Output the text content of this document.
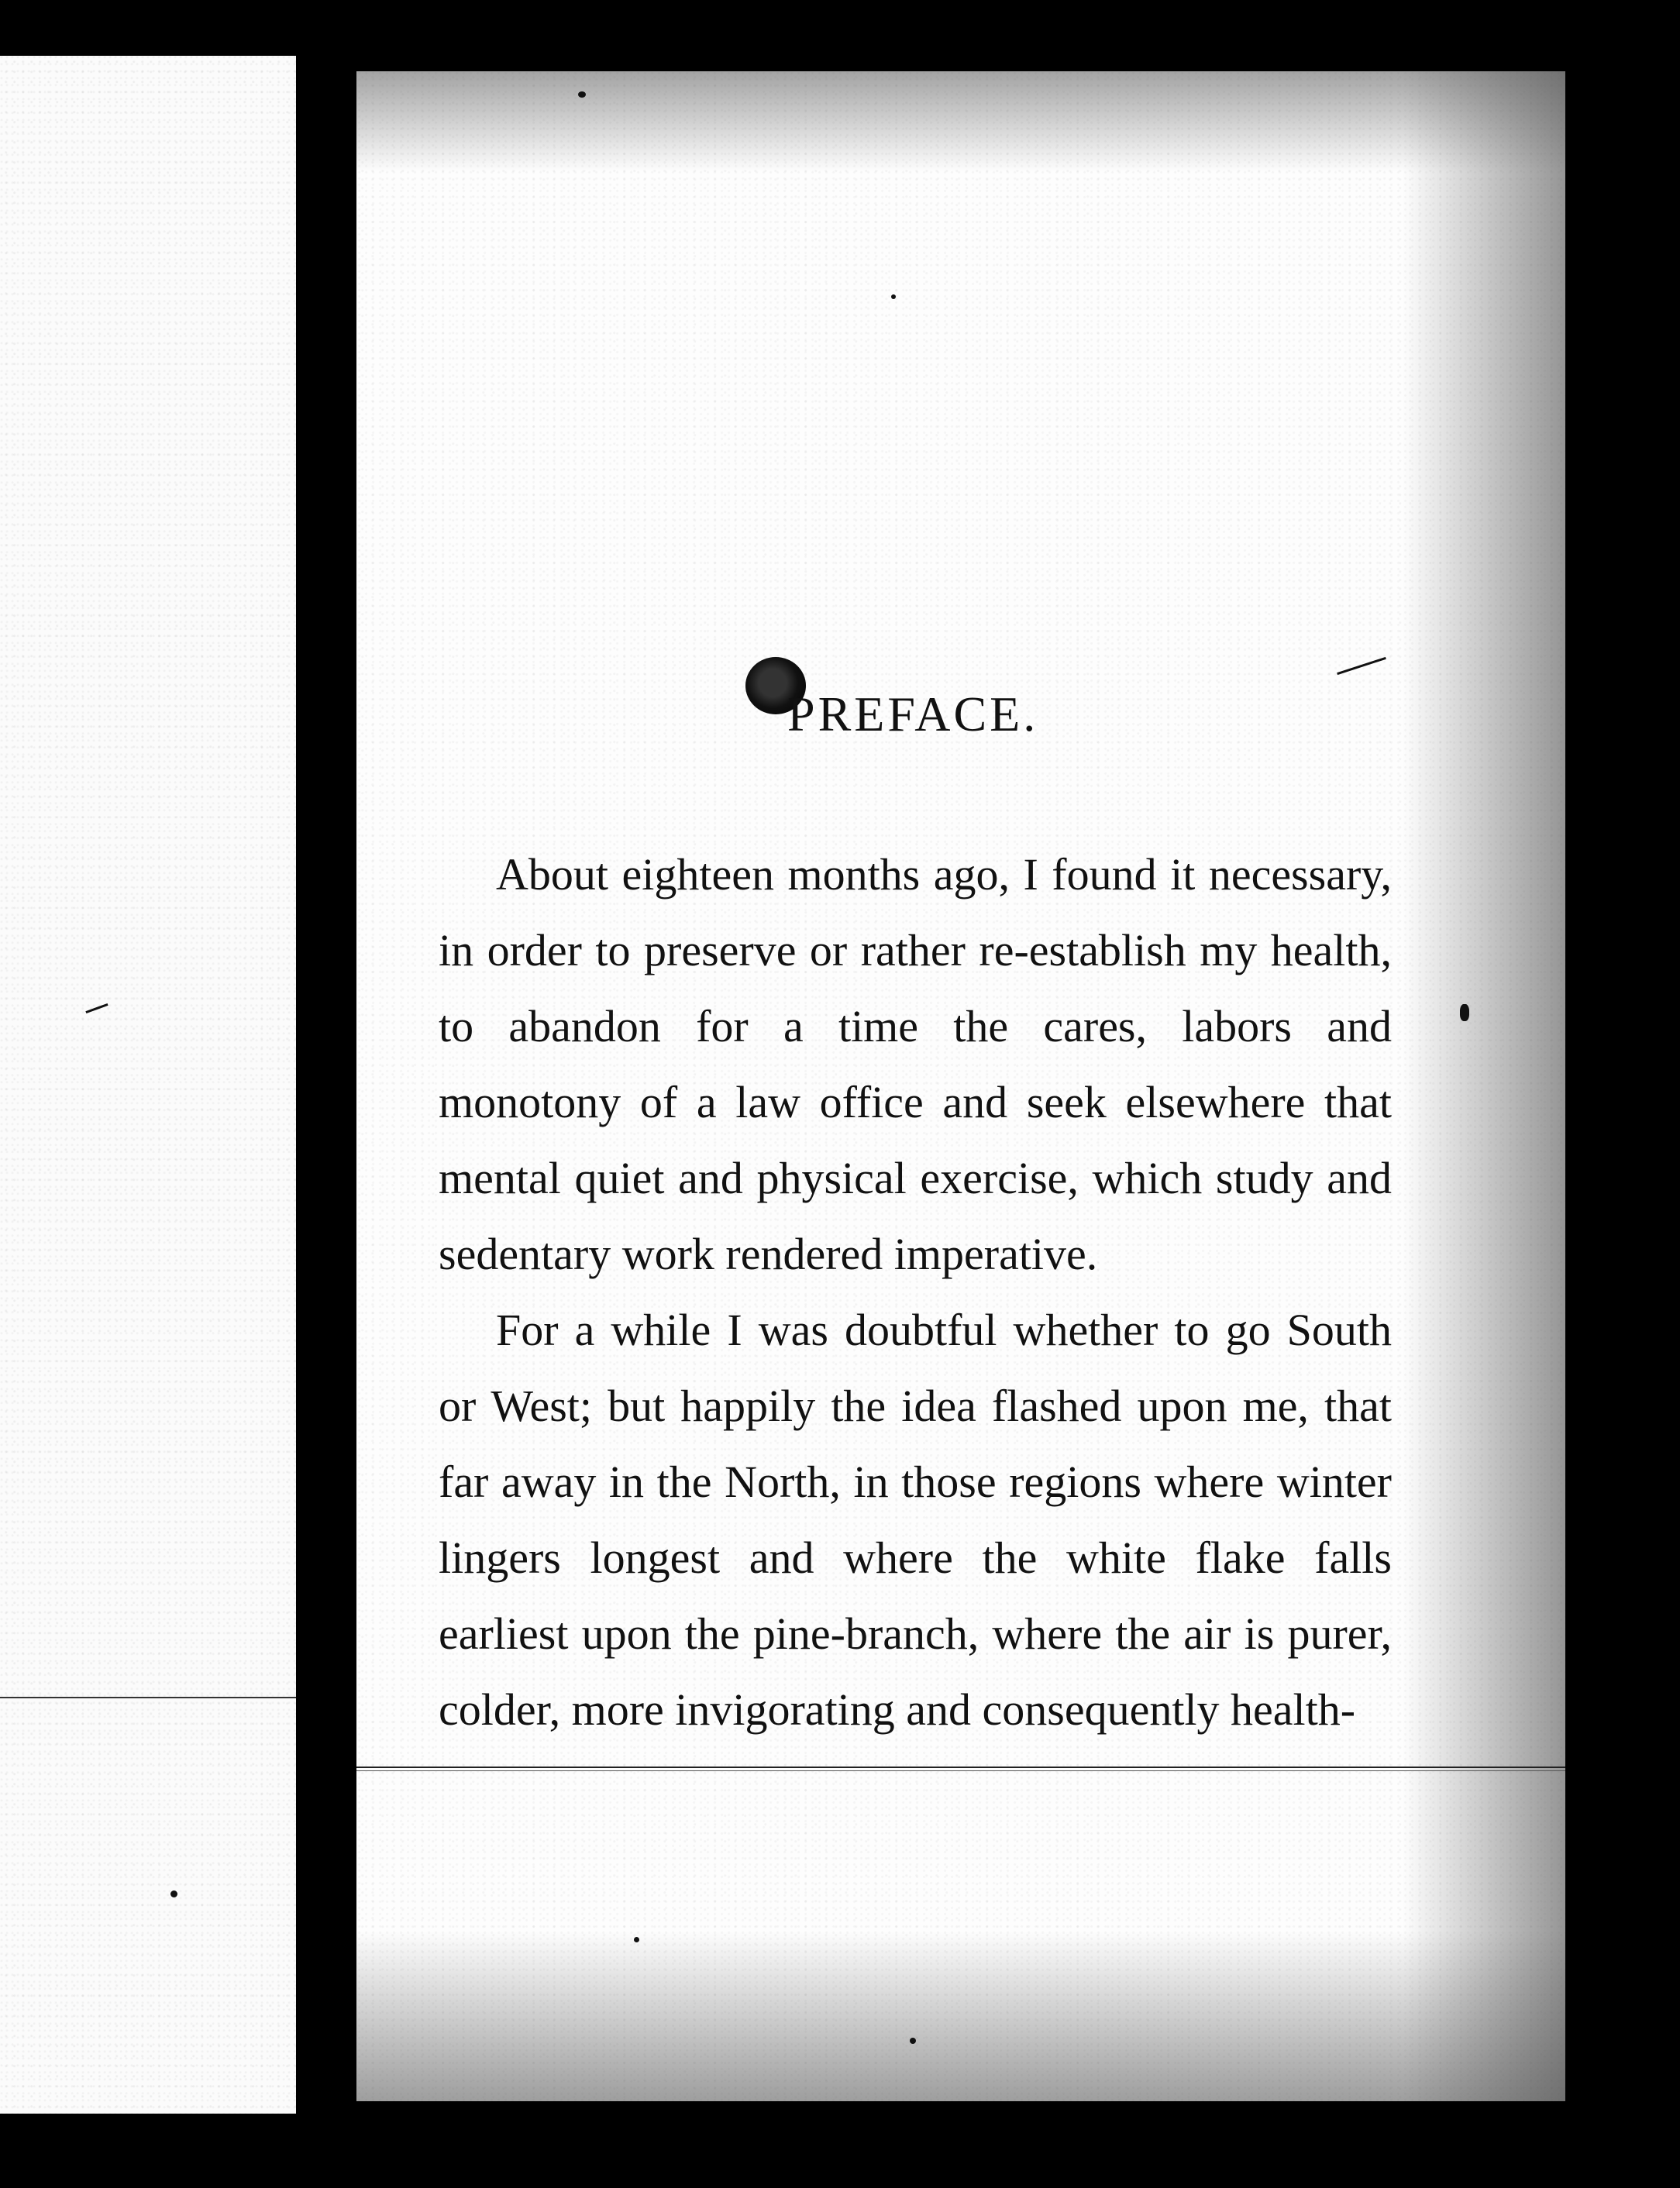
PREFACE.

About eighteen months ago, I found it necessary, in order to preserve or rather re-establish my health, to abandon for a time the cares, labors and monotony of a law office and seek elsewhere that mental quiet and physical exercise, which study and sedentary work rendered imperative.

For a while I was doubtful whether to go South or West; but happily the idea flashed upon me, that far away in the North, in those regions where winter lingers longest and where the white flake falls earliest upon the pine-branch, where the air is purer, colder, more invigorating and consequently health-
